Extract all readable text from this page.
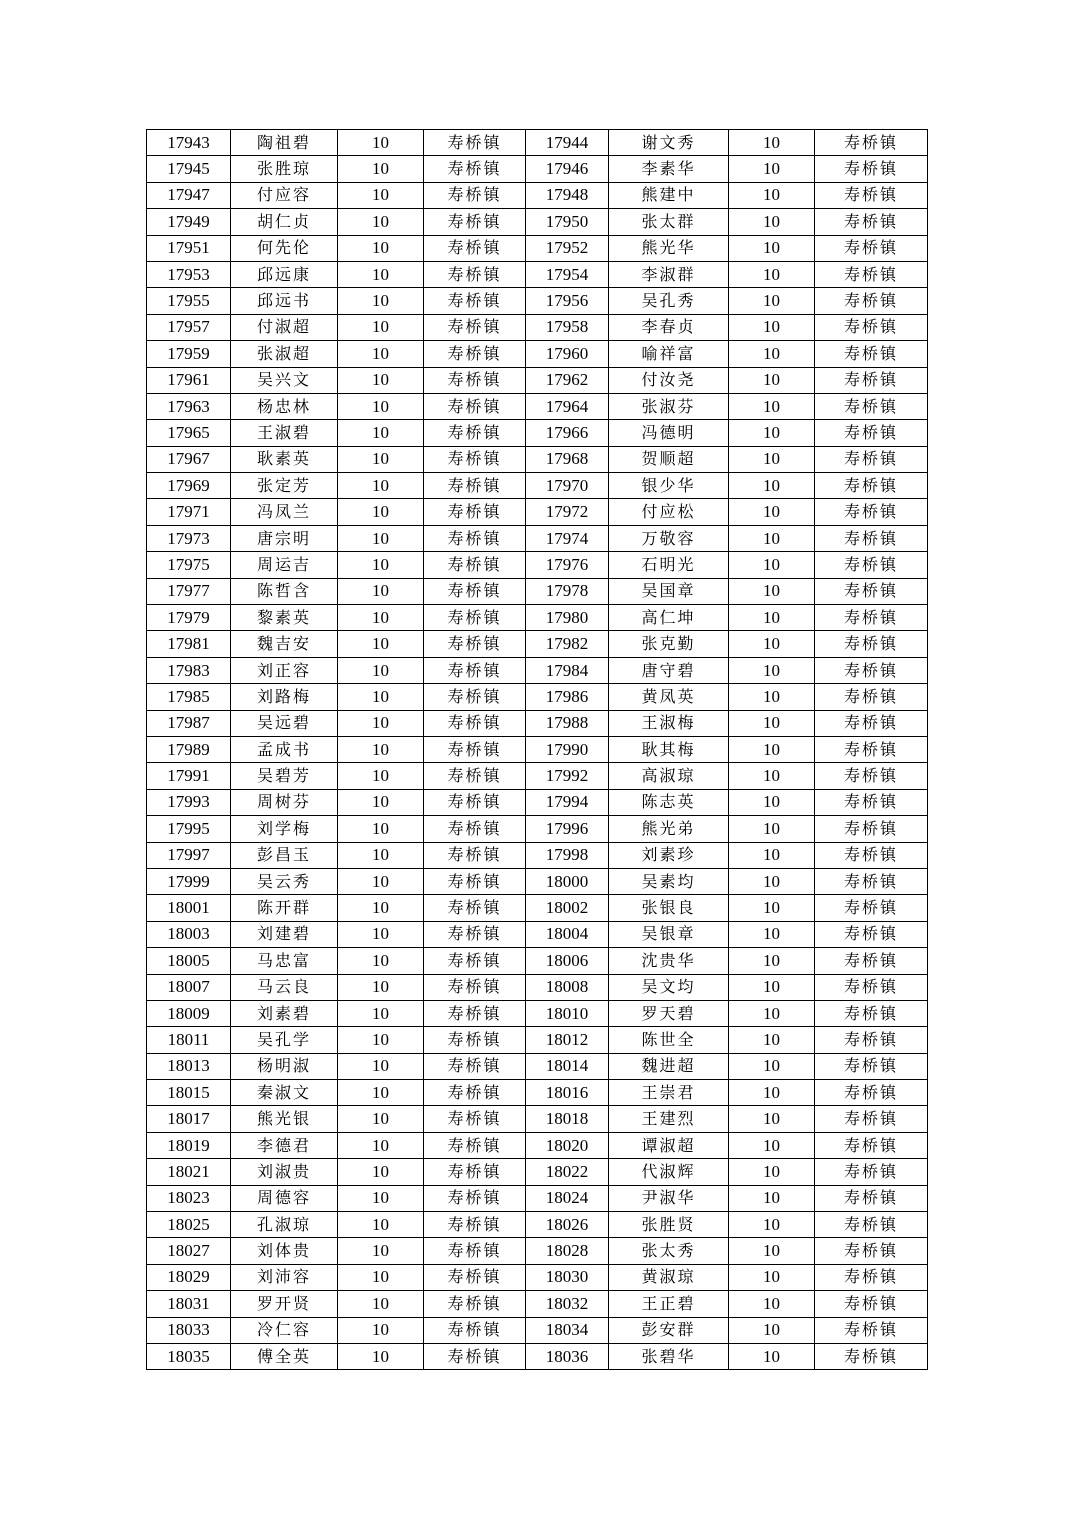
17943	陶祖碧	10	寿桥镇	17944	谢文秀	10	寿桥镇
17945	张胜琼	10	寿桥镇	17946	李素华	10	寿桥镇
17947	付应容	10	寿桥镇	17948	熊建中	10	寿桥镇
17949	胡仁贞	10	寿桥镇	17950	张太群	10	寿桥镇
17951	何先伦	10	寿桥镇	17952	熊光华	10	寿桥镇
17953	邱远康	10	寿桥镇	17954	李淑群	10	寿桥镇
17955	邱远书	10	寿桥镇	17956	吴孔秀	10	寿桥镇
17957	付淑超	10	寿桥镇	17958	李春贞	10	寿桥镇
17959	张淑超	10	寿桥镇	17960	喻祥富	10	寿桥镇
17961	吴兴文	10	寿桥镇	17962	付汝尧	10	寿桥镇
17963	杨忠林	10	寿桥镇	17964	张淑芬	10	寿桥镇
17965	王淑碧	10	寿桥镇	17966	冯德明	10	寿桥镇
17967	耿素英	10	寿桥镇	17968	贺顺超	10	寿桥镇
17969	张定芳	10	寿桥镇	17970	银少华	10	寿桥镇
17971	冯凤兰	10	寿桥镇	17972	付应松	10	寿桥镇
17973	唐宗明	10	寿桥镇	17974	万敬容	10	寿桥镇
17975	周运吉	10	寿桥镇	17976	石明光	10	寿桥镇
17977	陈哲含	10	寿桥镇	17978	吴国章	10	寿桥镇
17979	黎素英	10	寿桥镇	17980	高仁坤	10	寿桥镇
17981	魏吉安	10	寿桥镇	17982	张克勤	10	寿桥镇
17983	刘正容	10	寿桥镇	17984	唐守碧	10	寿桥镇
17985	刘路梅	10	寿桥镇	17986	黄凤英	10	寿桥镇
17987	吴远碧	10	寿桥镇	17988	王淑梅	10	寿桥镇
17989	孟成书	10	寿桥镇	17990	耿其梅	10	寿桥镇
17991	吴碧芳	10	寿桥镇	17992	高淑琼	10	寿桥镇
17993	周树芬	10	寿桥镇	17994	陈志英	10	寿桥镇
17995	刘学梅	10	寿桥镇	17996	熊光弟	10	寿桥镇
17997	彭昌玉	10	寿桥镇	17998	刘素珍	10	寿桥镇
17999	吴云秀	10	寿桥镇	18000	吴素均	10	寿桥镇
18001	陈开群	10	寿桥镇	18002	张银良	10	寿桥镇
18003	刘建碧	10	寿桥镇	18004	吴银章	10	寿桥镇
18005	马忠富	10	寿桥镇	18006	沈贵华	10	寿桥镇
18007	马云良	10	寿桥镇	18008	吴文均	10	寿桥镇
18009	刘素碧	10	寿桥镇	18010	罗天碧	10	寿桥镇
18011	吴孔学	10	寿桥镇	18012	陈世全	10	寿桥镇
18013	杨明淑	10	寿桥镇	18014	魏进超	10	寿桥镇
18015	秦淑文	10	寿桥镇	18016	王崇君	10	寿桥镇
18017	熊光银	10	寿桥镇	18018	王建烈	10	寿桥镇
18019	李德君	10	寿桥镇	18020	谭淑超	10	寿桥镇
18021	刘淑贵	10	寿桥镇	18022	代淑辉	10	寿桥镇
18023	周德容	10	寿桥镇	18024	尹淑华	10	寿桥镇
18025	孔淑琼	10	寿桥镇	18026	张胜贤	10	寿桥镇
18027	刘体贵	10	寿桥镇	18028	张太秀	10	寿桥镇
18029	刘沛容	10	寿桥镇	18030	黄淑琼	10	寿桥镇
18031	罗开贤	10	寿桥镇	18032	王正碧	10	寿桥镇
18033	冷仁容	10	寿桥镇	18034	彭安群	10	寿桥镇
18035	傅全英	10	寿桥镇	18036	张碧华	10	寿桥镇
